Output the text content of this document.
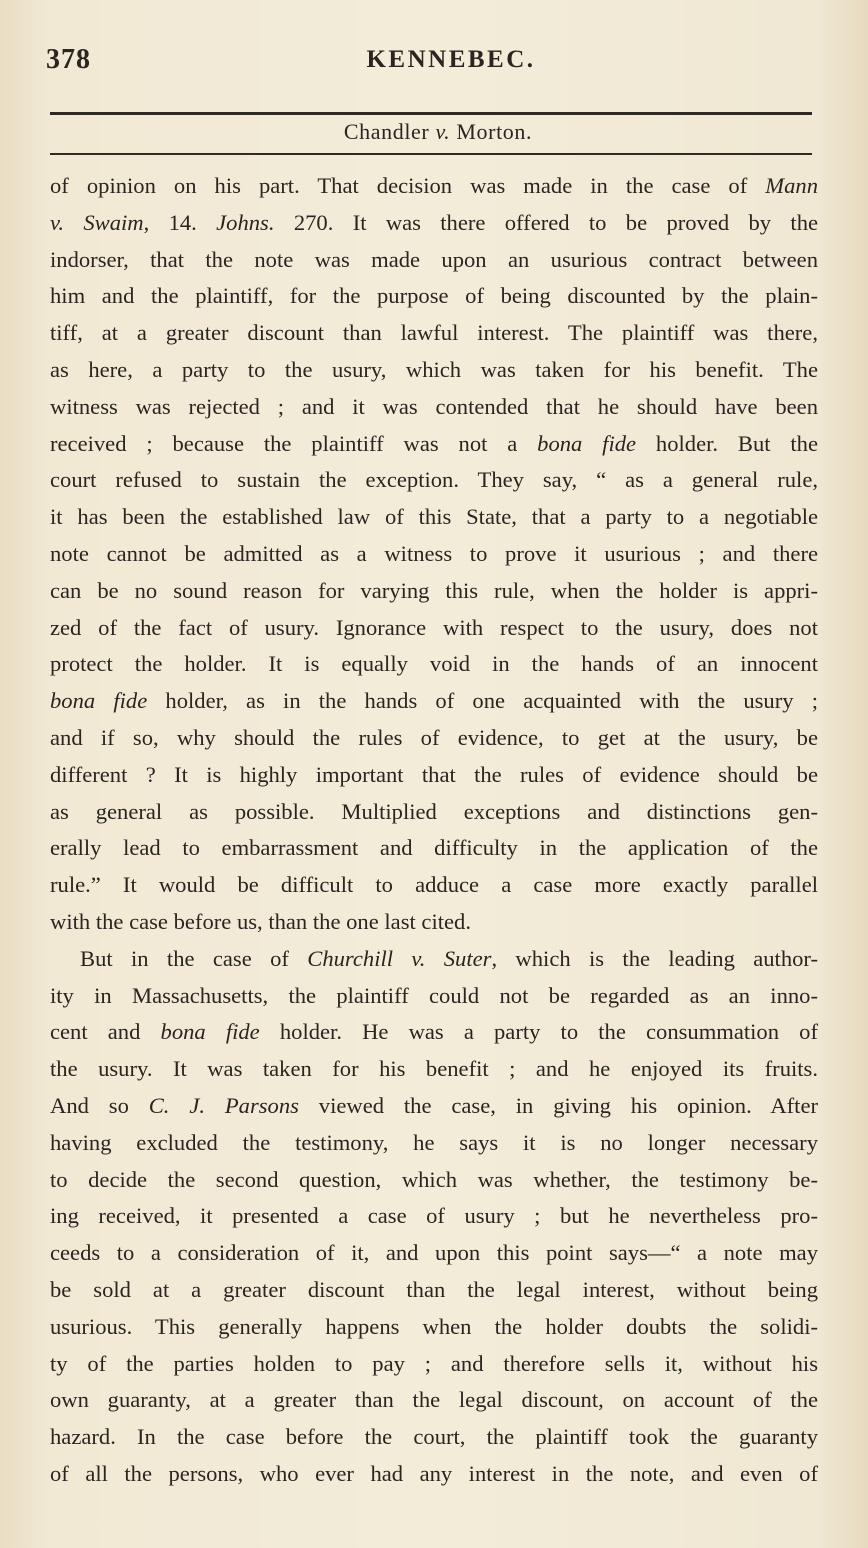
378	KENNEBEC.
Chandler v. Morton.
of opinion on his part. That decision was made in the case of Mann
v. Swaim, 14. Johns. 270. It was there offered to be proved by the
indorser, that the note was made upon an usurious contract between
him and the plaintiff, for the purpose of being discounted by the plain-
tiff, at a greater discount than lawful interest. The plaintiff was there,
as here, a party to the usury, which was taken for his benefit. The
witness was rejected ; and it was contended that he should have been
received ; because the plaintiff was not a bona fide holder. But the
court refused to sustain the exception. They say, “ as a general rule,
it has been the established law of this State, that a party to a negotiable
note cannot be admitted as a witness to prove it usurious ; and there
can be no sound reason for varying this rule, when the holder is appri-
zed of the fact of usury. Ignorance with respect to the usury, does not
protect the holder. It is equally void in the hands of an innocent
bona fide holder, as in the hands of one acquainted with the usury ;
and if so, why should the rules of evidence, to get at the usury, be
different ? It is highly important that the rules of evidence should be
as general as possible. Multiplied exceptions and distinctions gen-
erally lead to embarrassment and difficulty in the application of the
rule.” It would be difficult to adduce a case more exactly parallel
with the case before us, than the one last cited.
But in the case of Churchill v. Suter, which is the leading author-
ity in Massachusetts, the plaintiff could not be regarded as an inno-
cent and bona fide holder. He was a party to the consummation of
the usury. It was taken for his benefit ; and he enjoyed its fruits.
And so C. J. Parsons viewed the case, in giving his opinion. After
having excluded the testimony, he says it is no longer necessary
to decide the second question, which was whether, the testimony be-
ing received, it presented a case of usury ; but he nevertheless pro-
ceeds to a consideration of it, and upon this point says—“ a note may
be sold at a greater discount than the legal interest, without being
usurious. This generally happens when the holder doubts the solidi-
ty of the parties holden to pay ; and therefore sells it, without his
own guaranty, at a greater than the legal discount, on account of the
hazard. In the case before the court, the plaintiff took the guaranty
of all the persons, who ever had any interest in the note, and even of
